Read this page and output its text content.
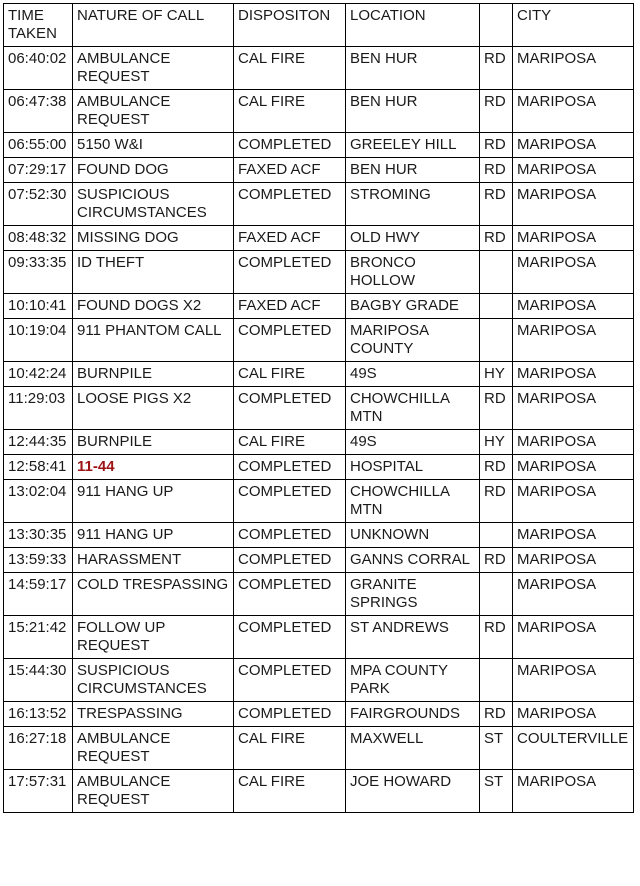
TIME TAKEN	NATURE OF CALL	DISPOSITON	LOCATION		CITY
06:40:02	AMBULANCE REQUEST	CAL FIRE	BEN HUR	RD	MARIPOSA
06:47:38	AMBULANCE REQUEST	CAL FIRE	BEN HUR	RD	MARIPOSA
06:55:00	5150 W&I	COMPLETED	GREELEY HILL	RD	MARIPOSA
07:29:17	FOUND DOG	FAXED ACF	BEN HUR	RD	MARIPOSA
07:52:30	SUSPICIOUS CIRCUMSTANCES	COMPLETED	STROMING	RD	MARIPOSA
08:48:32	MISSING DOG	FAXED ACF	OLD HWY	RD	MARIPOSA
09:33:35	ID THEFT	COMPLETED	BRONCO HOLLOW		MARIPOSA
10:10:41	FOUND DOGS X2	FAXED ACF	BAGBY GRADE		MARIPOSA
10:19:04	911 PHANTOM CALL	COMPLETED	MARIPOSA COUNTY		MARIPOSA
10:42:24	BURNPILE	CAL FIRE	49S	HY	MARIPOSA
11:29:03	LOOSE PIGS X2	COMPLETED	CHOWCHILLA MTN	RD	MARIPOSA
12:44:35	BURNPILE	CAL FIRE	49S	HY	MARIPOSA
12:58:41	11-44	COMPLETED	HOSPITAL	RD	MARIPOSA
13:02:04	911 HANG UP	COMPLETED	CHOWCHILLA MTN	RD	MARIPOSA
13:30:35	911 HANG UP	COMPLETED	UNKNOWN		MARIPOSA
13:59:33	HARASSMENT	COMPLETED	GANNS CORRAL	RD	MARIPOSA
14:59:17	COLD TRESPASSING	COMPLETED	GRANITE SPRINGS		MARIPOSA
15:21:42	FOLLOW UP REQUEST	COMPLETED	ST ANDREWS	RD	MARIPOSA
15:44:30	SUSPICIOUS CIRCUMSTANCES	COMPLETED	MPA COUNTY PARK		MARIPOSA
16:13:52	TRESPASSING	COMPLETED	FAIRGROUNDS	RD	MARIPOSA
16:27:18	AMBULANCE REQUEST	CAL FIRE	MAXWELL	ST	COULTERVILLE
17:57:31	AMBULANCE REQUEST	CAL FIRE	JOE HOWARD	ST	MARIPOSA
